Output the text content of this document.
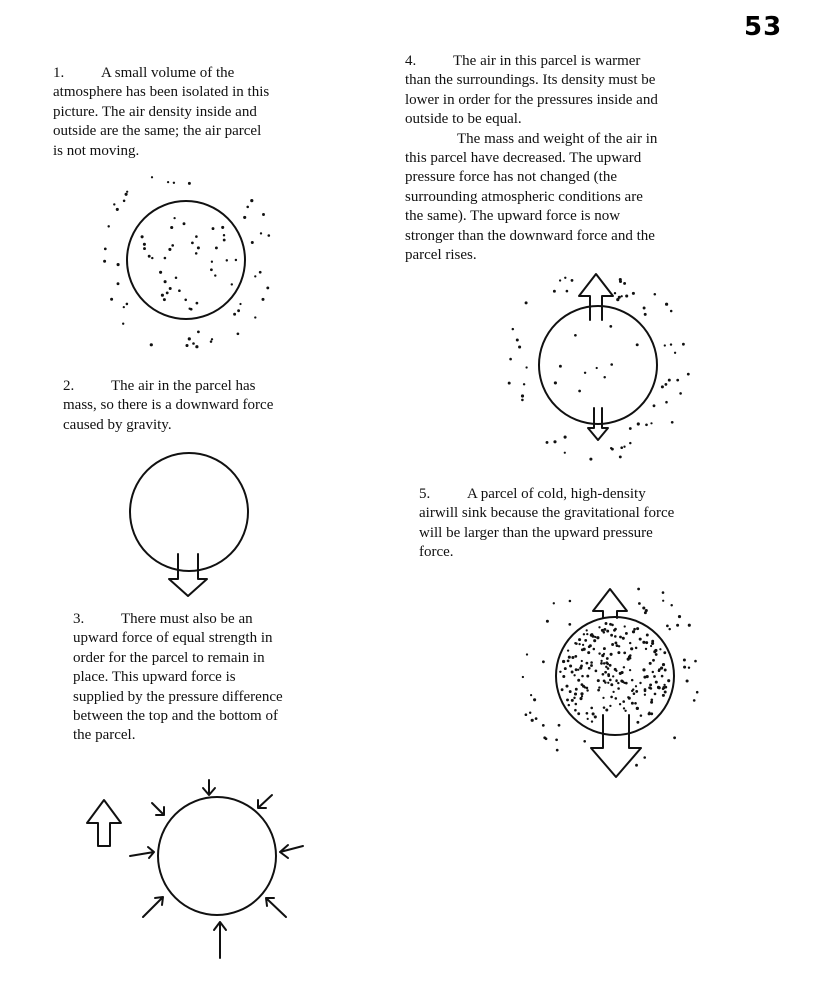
53

1. A small volume of the
atmosphere has been isolated in this
picture. The air density inside and
outside are the same; the air parcel
is not moving.

2. The air in the parcel has
mass, so there is a downward force
caused by gravity.

3. There must also be an
upward force of equal strength in
order for the parcel to remain in
place. This upward force is
supplied by the pressure difference
between the top and the bottom of
the parcel.

4. The air in this parcel is warmer
than the surroundings. Its density must be
lower in order for the pressures inside and
outside to be equal.
The mass and weight of the air in
this parcel have decreased. The upward
pressure force has not changed (the
surrounding atmospheric conditions are
the same). The upward force is now
stronger than the downward force and the
parcel rises.

5. A parcel of cold, high-density
airwill sink because the gravitational force
will be larger than the upward pressure
force.
